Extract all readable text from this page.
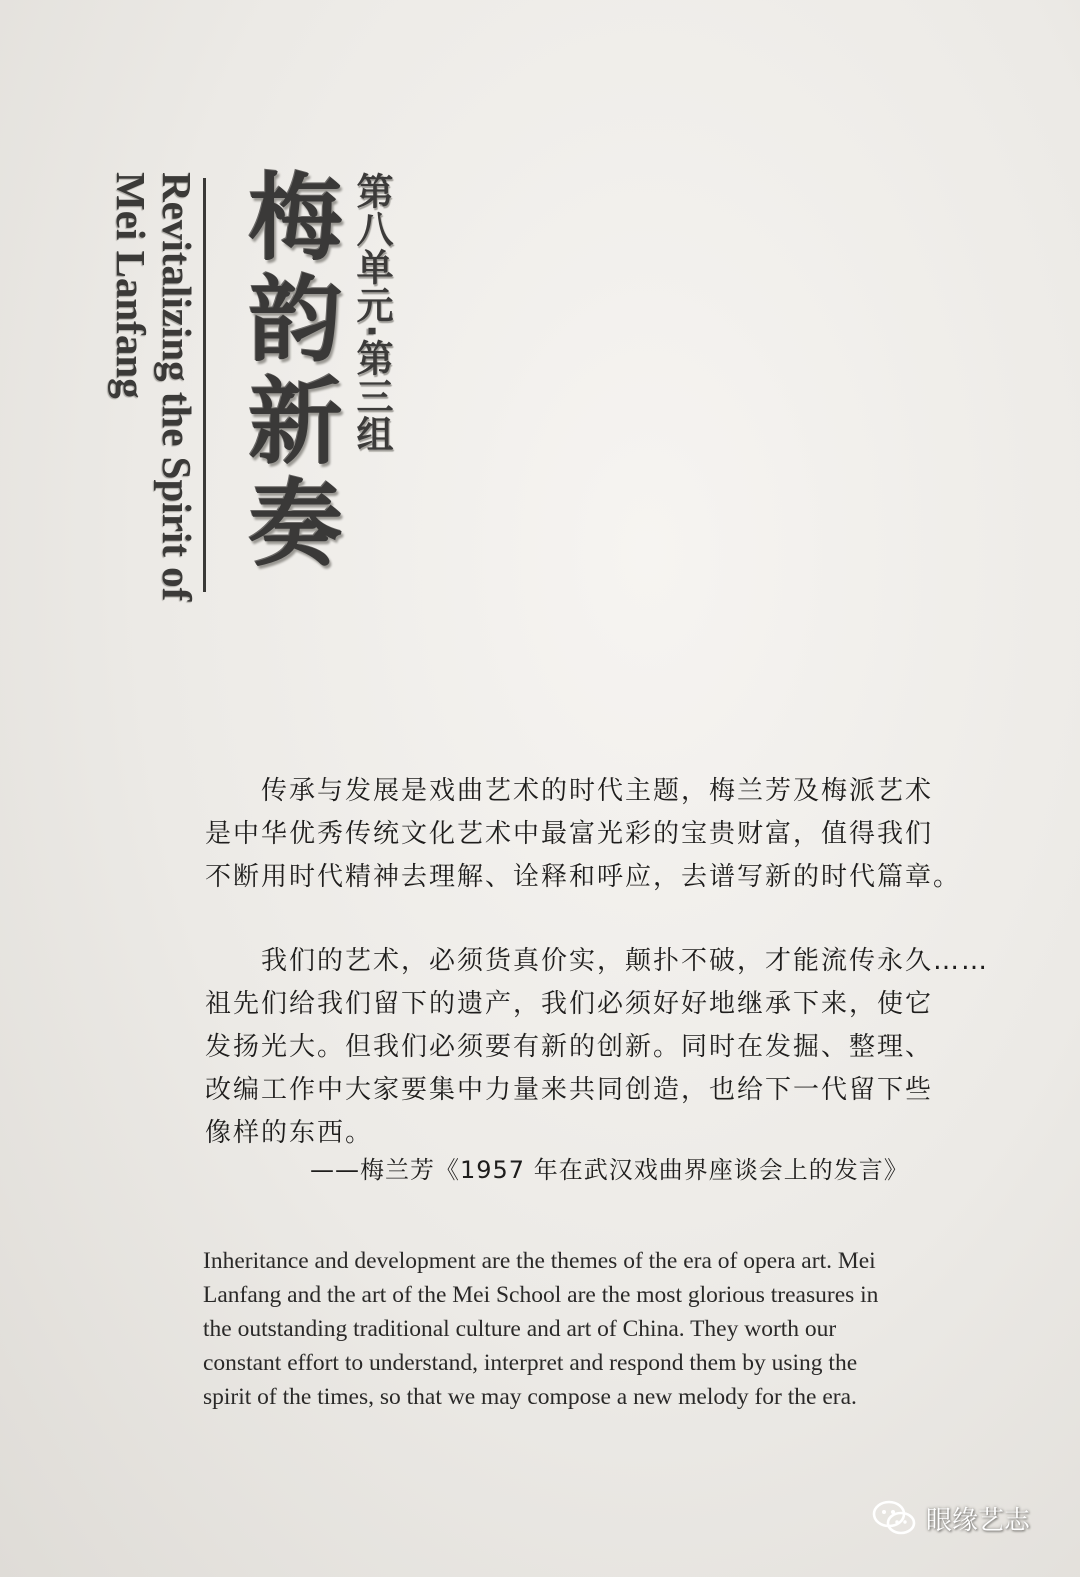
Revitalizing the Spirit of
Mei Lanfang 梅韵新奏 第八单元·第三组
传承与发展是戏曲艺术的时代主题，梅兰芳及梅派艺术
是中华优秀传统文化艺术中最富光彩的宝贵财富，值得我们
不断用时代精神去理解、诠释和呼应，去谱写新的时代篇章。
我们的艺术，必须货真价实，颠扑不破，才能流传永久……
祖先们给我们留下的遗产，我们必须好好地继承下来，使它
发扬光大。但我们必须要有新的创新。同时在发掘、整理、
改编工作中大家要集中力量来共同创造，也给下一代留下些
像样的东西。
——梅兰芳《1957 年在武汉戏曲界座谈会上的发言》
Inheritance and development are the themes of the era of opera art. Mei
Lanfang and the art of the Mei School are the most glorious treasures in
the outstanding traditional culture and art of China. They worth our
constant effort to understand, interpret and respond them by using the
spirit of the times, so that we may compose a new melody for the era.
眼缘艺志
